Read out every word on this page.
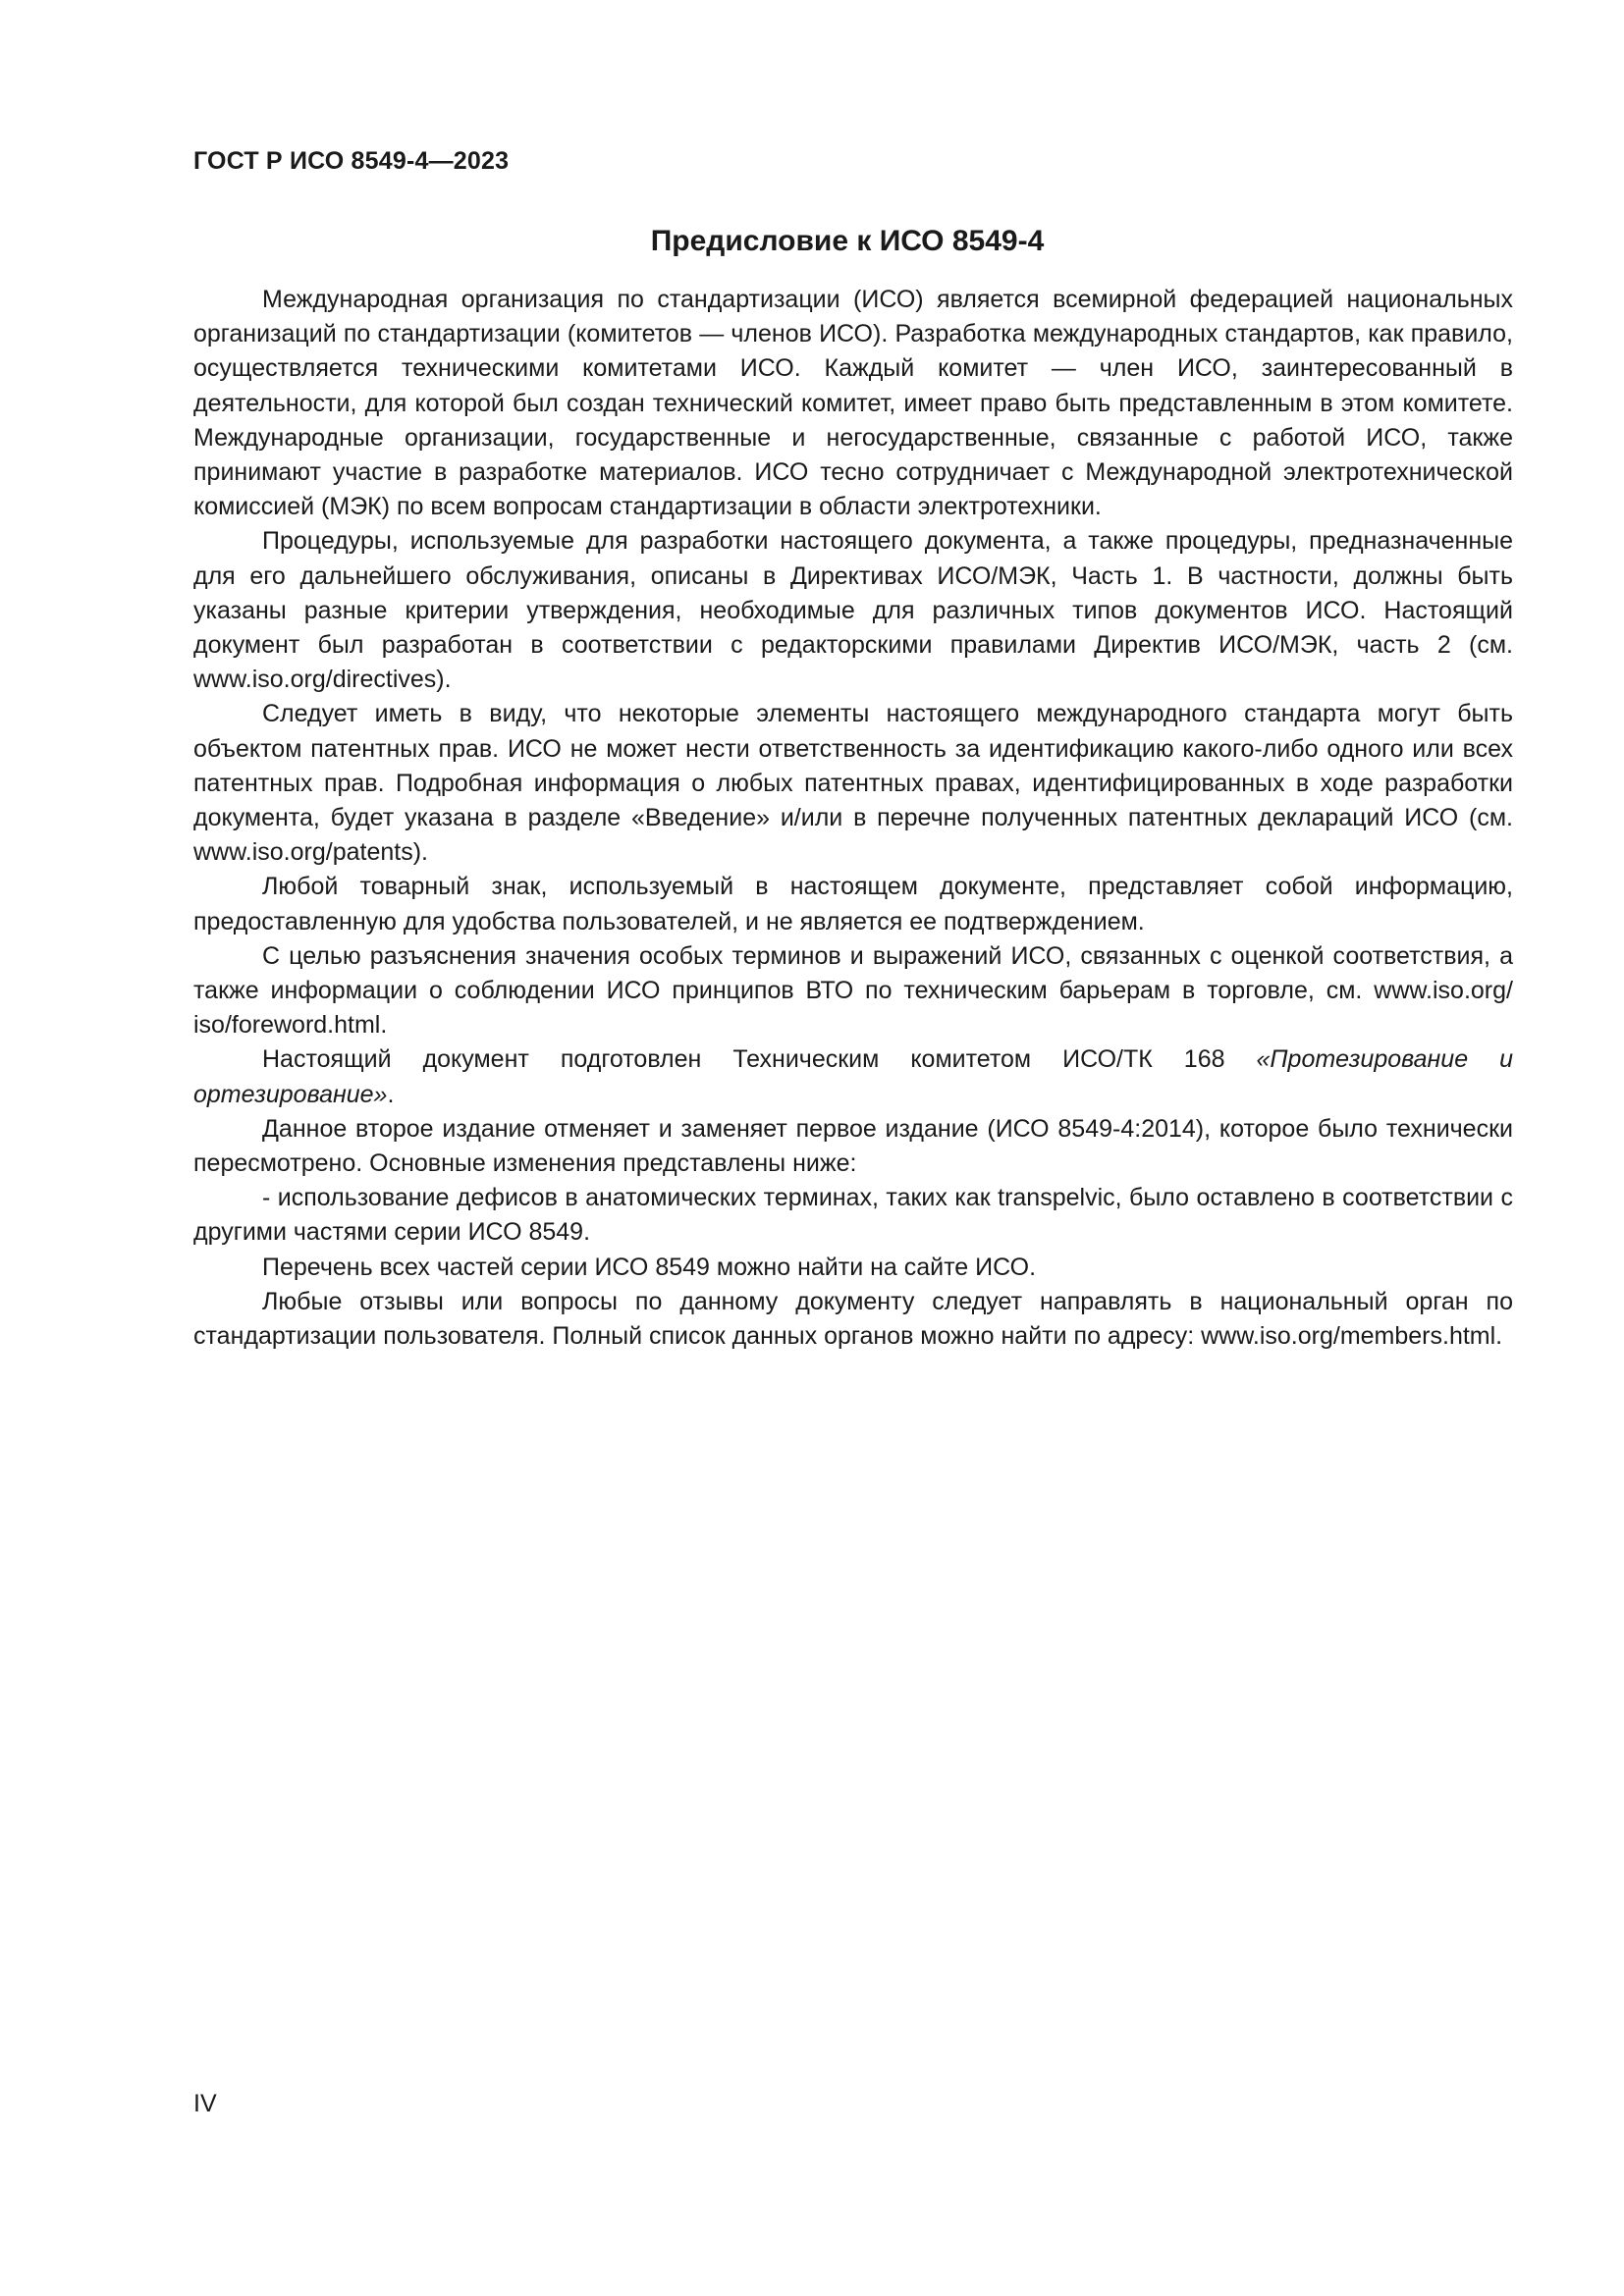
ГОСТ Р ИСО 8549-4—2023
Предисловие к ИСО 8549-4

Международная организация по стандартизации (ИСО) является всемирной федерацией национальных организаций по стандартизации (комитетов — членов ИСО). Разработка международных стандартов, как правило, осуществляется техническими комитетами ИСО. Каждый комитет — член ИСО, заинтересованный в деятельности, для которой был создан технический комитет, имеет право быть представленным в этом комитете. Международные организации, государственные и негосударственные, связанные с работой ИСО, также принимают участие в разработке материалов. ИСО тесно сотрудничает с Международной электротехнической комиссией (МЭК) по всем вопросам стандартизации в области электротехники.

Процедуры, используемые для разработки настоящего документа, а также процедуры, предназначенные для его дальнейшего обслуживания, описаны в Директивах ИСО/МЭК, Часть 1. В частности, должны быть указаны разные критерии утверждения, необходимые для различных типов документов ИСО. Настоящий документ был разработан в соответствии с редакторскими правилами Директив ИСО/МЭК, часть 2 (см. www.iso.org/directives).

Следует иметь в виду, что некоторые элементы настоящего международного стандарта могут быть объектом патентных прав. ИСО не может нести ответственность за идентификацию какого-либо одного или всех патентных прав. Подробная информация о любых патентных правах, идентифицированных в ходе разработки документа, будет указана в разделе «Введение» и/или в перечне полученных патентных деклараций ИСО (см. www.iso.org/patents).

Любой товарный знак, используемый в настоящем документе, представляет собой информацию, предоставленную для удобства пользователей, и не является ее подтверждением.

С целью разъяснения значения особых терминов и выражений ИСО, связанных с оценкой соответствия, а также информации о соблюдении ИСО принципов ВТО по техническим барьерам в торговле, см. www.iso.org/ iso/foreword.html.

Настоящий документ подготовлен Техническим комитетом ИСО/ТК 168 «Протезирование и ортезирование».

Данное второе издание отменяет и заменяет первое издание (ИСО 8549-4:2014), которое было технически пересмотрено. Основные изменения представлены ниже:

- использование дефисов в анатомических терминах, таких как transpelvic, было оставлено в соответствии с другими частями серии ИСО 8549.

Перечень всех частей серии ИСО 8549 можно найти на сайте ИСО.

Любые отзывы или вопросы по данному документу следует направлять в национальный орган по стандартизации пользователя. Полный список данных органов можно найти по адресу: www.iso.org/members.html.

IV
